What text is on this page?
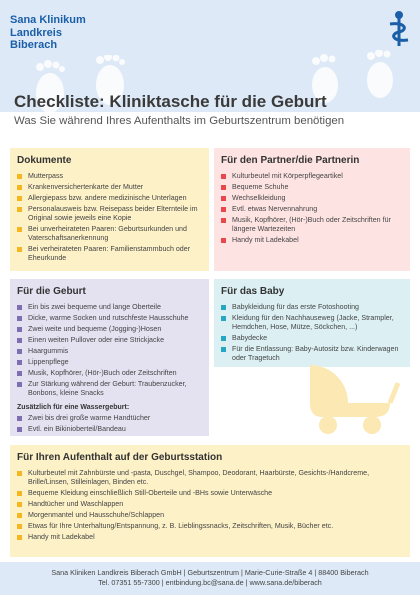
Sana Klinikum
Landkreis
Biberach
Checkliste: Kliniktasche für die Geburt
Was Sie während Ihres Aufenthalts im Geburtszentrum benötigen
Dokumente
Mutterpass
Krankenversichertenkarte der Mutter
Allergiepass bzw. andere medizinische Unterlagen
Personalausweis bzw. Reisepass beider Elternteile im Original sowie jeweils eine Kopie
Bei unverheirateten Paaren: Geburtsurkunden und Vaterschaftsanerkennung
Bei verheirateten Paaren: Familienstammbuch oder Eheurkunde
Für den Partner/die Partnerin
Kulturbeutel mit Körperpflegeartikel
Bequeme Schuhe
Wechselkleidung
Evtl. etwas Nervennahrung
Musik, Kopfhörer, (Hör-)Buch oder Zeitschriften für längere Wartezeiten
Handy mit Ladekabel
Für die Geburt
Ein bis zwei bequeme und lange Oberteile
Dicke, warme Socken und rutschfeste Hausschuhe
Zwei weite und bequeme (Jogging-)Hosen
Einen weiten Pullover oder eine Strickjacke
Haargummis
Lippenpflege
Musik, Kopfhörer, (Hör-)Buch oder Zeitschriften
Zur Stärkung während der Geburt: Traubenzucker, Bonbons, kleine Snacks
Zusätzlich für eine Wassergeburt:
Zwei bis drei große warme Handtücher
Evtl. ein Bikinioberteil/Bandeau
Für das Baby
Babykleidung für das erste Fotoshooting
Kleidung für den Nachhauseweg (Jacke, Strampler, Hemdchen, Hose, Mütze, Söckchen, ...)
Babydecke
Für die Entlassung: Baby-Autositz bzw. Kinderwagen oder Tragetuch
Für Ihren Aufenthalt auf der Geburtsstation
Kulturbeutel mit Zahnbürste und -pasta, Duschgel, Shampoo, Deodorant, Haarbürste, Gesichts-/Handcreme, Brille/Linsen, Stilleinlagen, Binden etc.
Bequeme Kleidung einschließlich Still-Oberteile und -BHs sowie Unterwäsche
Handtücher und Waschlappen
Morgenmantel und Hausschuhe/Schlappen
Etwas für Ihre Unterhaltung/Entspannung, z. B. Lieblingssnacks, Zeitschriften, Musik, Bücher etc.
Handy mit Ladekabel
Sana Kliniken Landkreis Biberach GmbH | Geburtszentrum | Marie-Curie-Straße 4 | 88400 Biberach
Tel. 07351 55-7300 | entbindung.bc@sana.de | www.sana.de/biberach
